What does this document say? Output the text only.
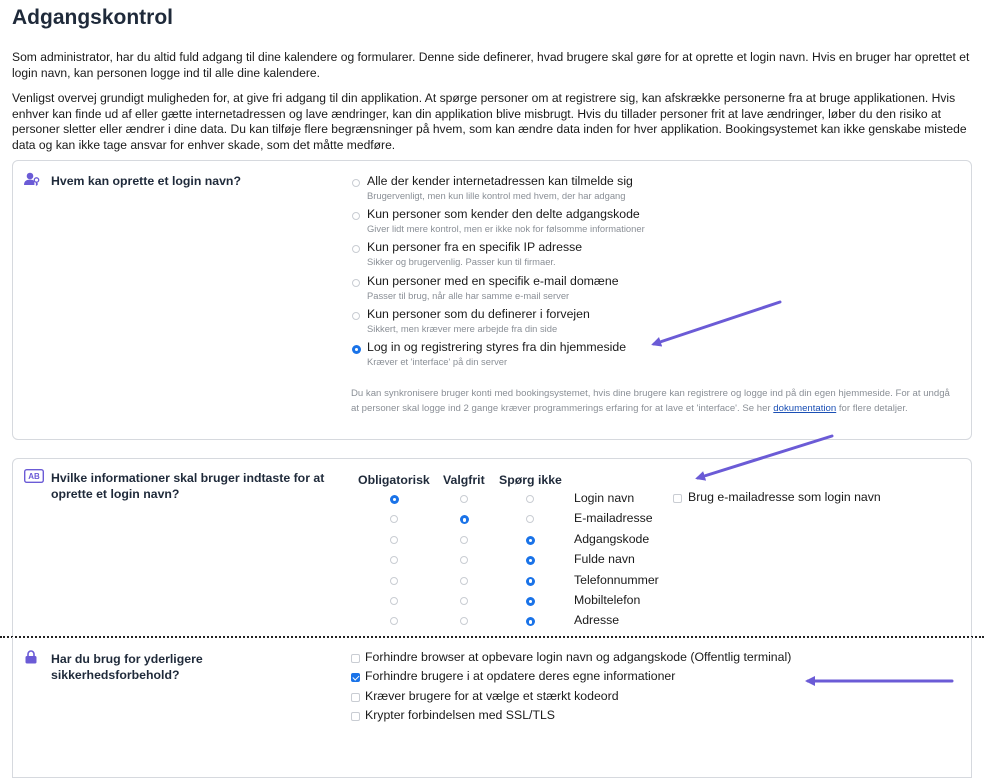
Adgangskontrol

Som administrator, har du altid fuld adgang til dine kalendere og formularer. Denne side definerer, hvad brugere skal gøre for at oprette et login navn. Hvis en bruger har oprettet et login navn, kan personen logge ind til alle dine kalendere.

Venligst overvej grundigt muligheden for, at give fri adgang til din applikation. At spørge personer om at registrere sig, kan afskrække personerne fra at bruge applikationen. Hvis enhver kan finde ud af eller gætte internetadressen og lave ændringer, kan din applikation blive misbrugt. Hvis du tillader personer frit at lave ændringer, løber du den risiko at personer sletter eller ændrer i dine data. Du kan tilføje flere begrænsninger på hvem, som kan ændre data inden for hver applikation. Bookingsystemet kan ikke genskabe mistede data og kan ikke tage ansvar for enhver skade, som det måtte medføre.

Hvem kan oprette et login navn?	Alle der kender internetadressen kan tilmelde sig
Brugervenligt, men kun lille kontrol med hvem, der har adgang
Kun personer som kender den delte adgangskode
Giver lidt mere kontrol, men er ikke nok for følsomme informationer
Kun personer fra en specifik IP adresse
Sikker og brugervenlig. Passer kun til firmaer.
Kun personer med en specifik e-mail domæne
Passer til brug, når alle har samme e-mail server
Kun personer som du definerer i forvejen
Sikkert, men kræver mere arbejde fra din side
Log in og registrering styres fra din hjemmeside
Kræver et 'interface' på din server

Du kan synkronisere bruger konti med bookingsystemet, hvis dine brugere kan registrere og logge ind på din egen hjemmeside. For at undgå at personer skal logge ind 2 gange kræver programmerings erfaring for at lave et 'interface'. Se her dokumentation for flere detaljer.

AB Hvilke informationer skal bruger indtaste for at
oprette et login navn?
Obligatorisk Valgfrit Spørg ikke
Login navn
E-mailadresse
Adgangskode
Fulde navn
Telefonnummer
Mobiltelefon
Adresse
Brug e-mailadresse som login navn
Har du brug for yderligere
sikkerhedsforbehold?
Forhindre browser at opbevare login navn og adgangskode (Offentlig terminal)
Forhindre brugere i at opdatere deres egne informationer
Kræver brugere for at vælge et stærkt kodeord
Krypter forbindelsen med SSL/TLS
